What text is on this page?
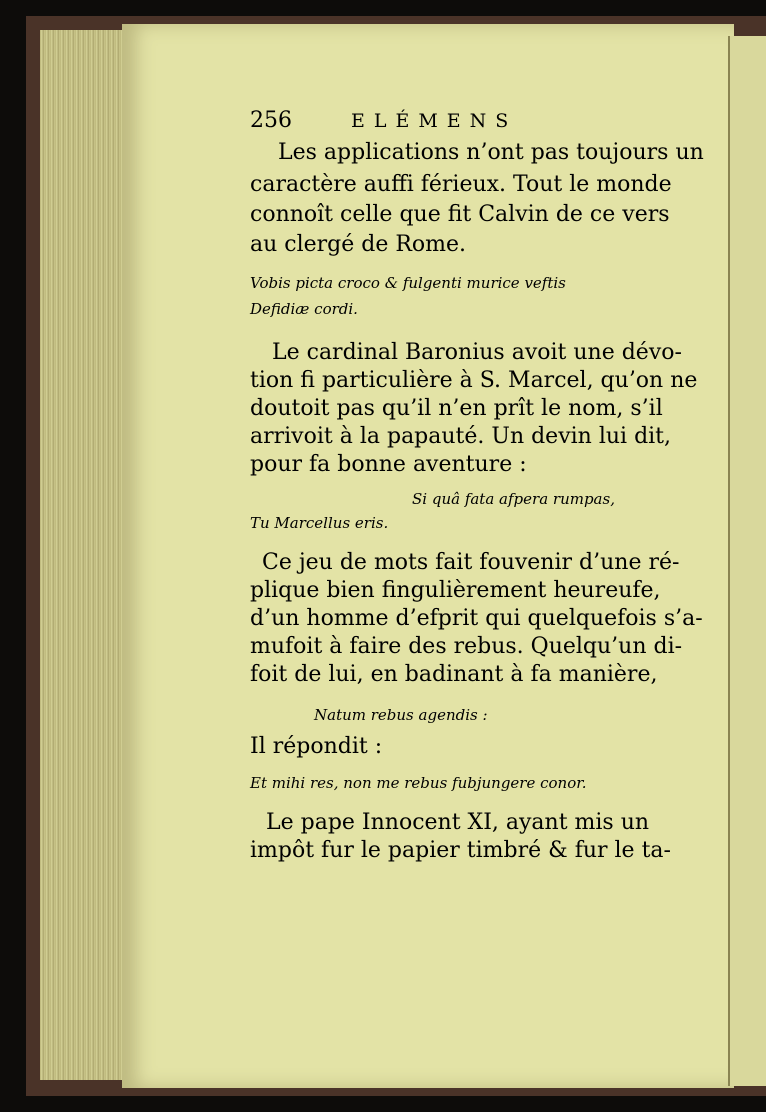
256	ELÉMENS
Les applications n’ont pas toujours un
caractère auffi férieux. Tout le monde
connoît celle que fit Calvin de ce vers
au clergé de Rome.
Vobis picta croco & fulgenti murice veftis
Defidiæ cordi.
Le cardinal Baronius avoit une dévo-
tion fi particulière à S. Marcel, qu’on ne
doutoit pas qu’il n’en prît le nom, s’il
arrivoit à la papauté. Un devin lui dit,
pour fa bonne aventure :
Si quâ fata afpera rumpas,
Tu Marcellus eris.
Ce jeu de mots fait fouvenir d’une ré-
plique bien fingulièrement heureufe,
d’un homme d’efprit qui quelquefois s’a-
mufoit à faire des rebus. Quelqu’un di-
foit de lui, en badinant à fa manière,
Natum rebus agendis :
Il répondit :
Et mihi res, non me rebus fubjungere conor.
Le pape Innocent XI, ayant mis un
impôt fur le papier timbré & fur le ta-
